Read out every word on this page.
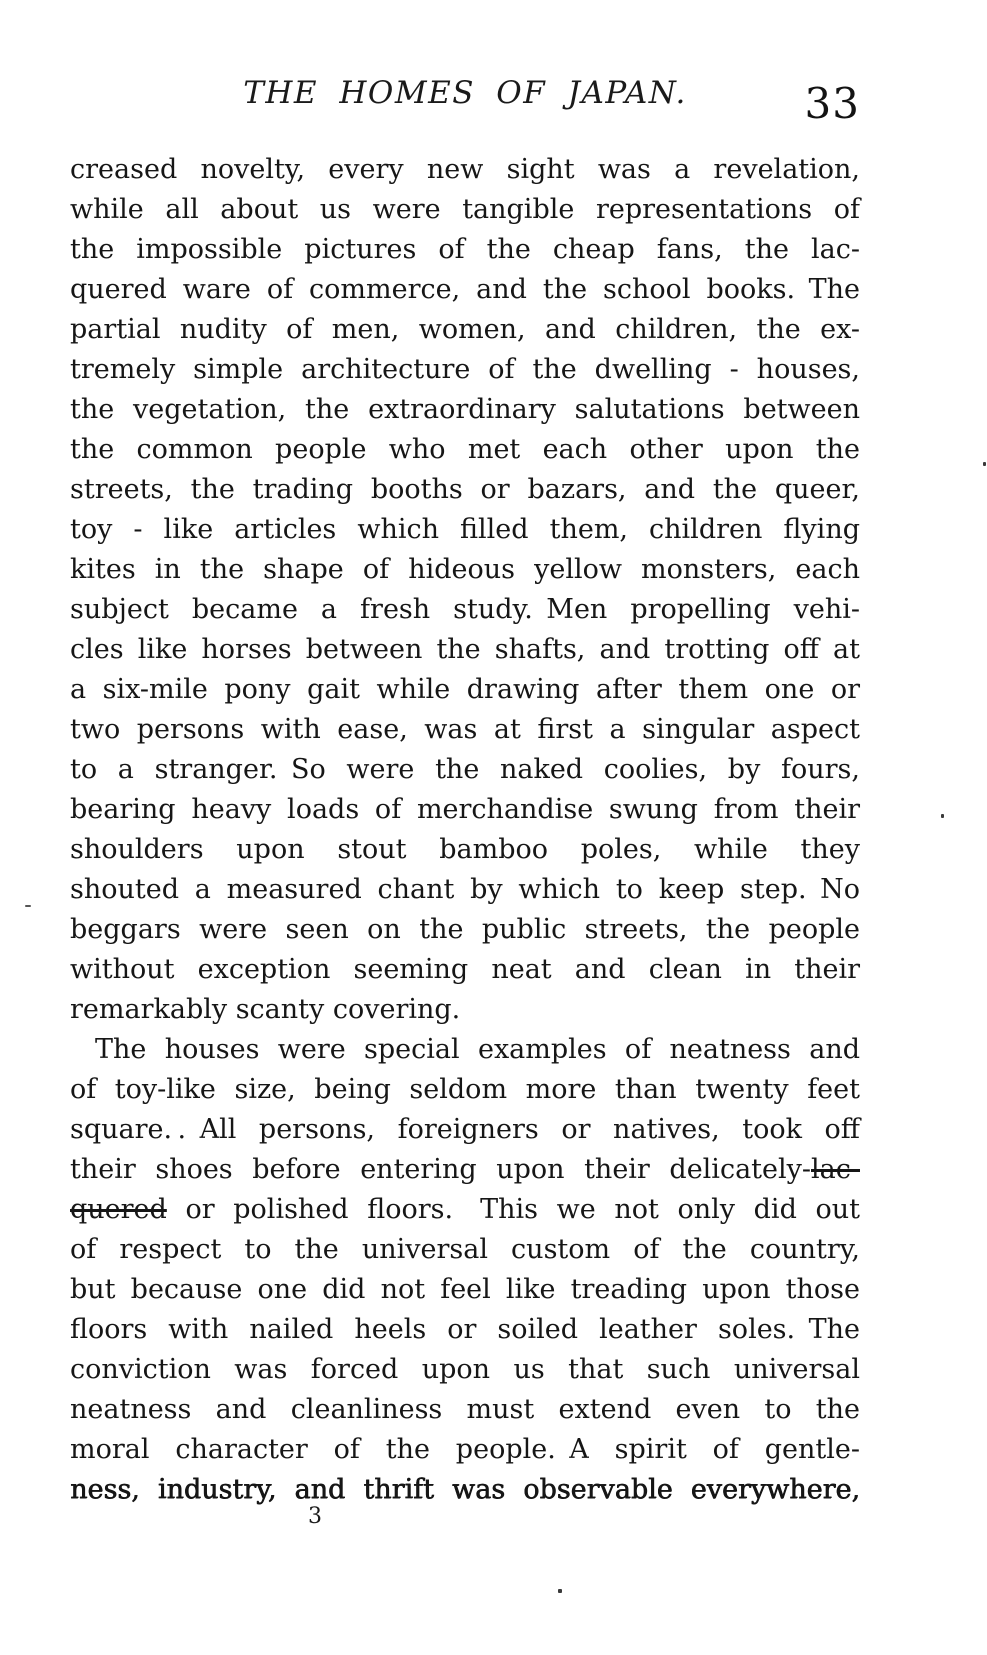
THE HOMES OF JAPAN.	33
creased novelty, every new sight was a revelation,
while all about us were tangible representations of
the impossible pictures of the cheap fans, the lac-
quered ware of commerce, and the school books. The
partial nudity of men, women, and children, the ex-
tremely simple architecture of the dwelling - houses,
the vegetation, the extraordinary salutations between
the common people who met each other upon the
streets, the trading booths or bazars, and the queer,
toy - like articles which filled them, children flying
kites in the shape of hideous yellow monsters, each
subject became a fresh study. Men propelling vehi-
cles like horses between the shafts, and trotting off at
a six-mile pony gait while drawing after them one or
two persons with ease, was at first a singular aspect
to a stranger. So were the naked coolies, by fours,
bearing heavy loads of merchandise swung from their
shoulders upon stout bamboo poles, while they
shouted a measured chant by which to keep step. No
beggars were seen on the public streets, the people
without exception seeming neat and clean in their
remarkably scanty covering.
The houses were special examples of neatness and
of toy-like size, being seldom more than twenty feet
square. . All persons, foreigners or natives, took off
their shoes before entering upon their delicately-lac-
quered or polished floors.  This we not only did out
of respect to the universal custom of the country,
but because one did not feel like treading upon those
floors with nailed heels or soiled leather soles. The
conviction was forced upon us that such universal
neatness and cleanliness must extend even to the
moral character of the people. A spirit of gentle-
ness, industry, and thrift was observable everywhere,
3
